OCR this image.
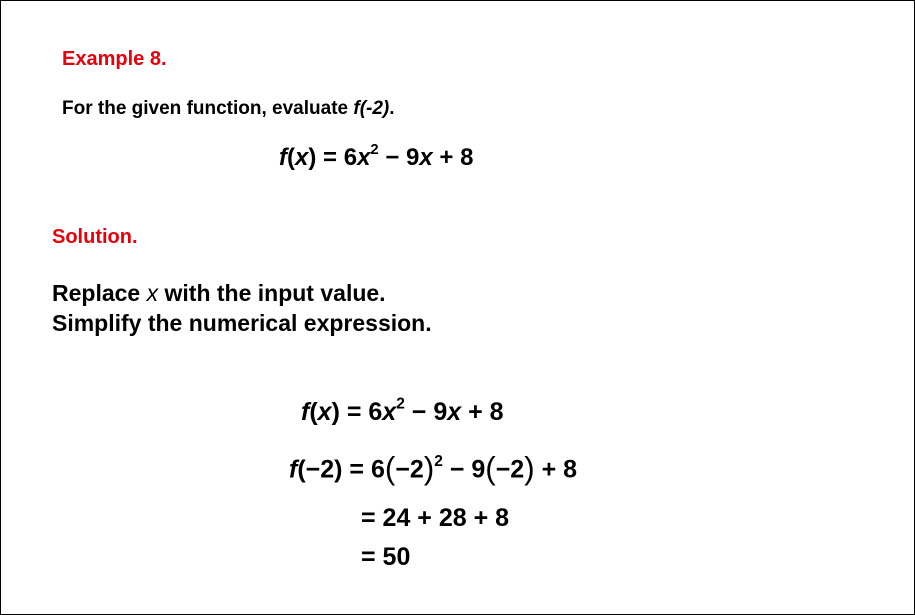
Example 8.

For the given function, evaluate f(-2).

$f(x) = 6x^2 - 9x + 8$

Solution.

Replace x with the input value.

Simplify the numerical expression.

$f(x) = 6x^2 - 9x + 8$

$f(-2) = 6(-2)^2 - 9(-2) + 8$

= 24 + 28 + 8

= 50
